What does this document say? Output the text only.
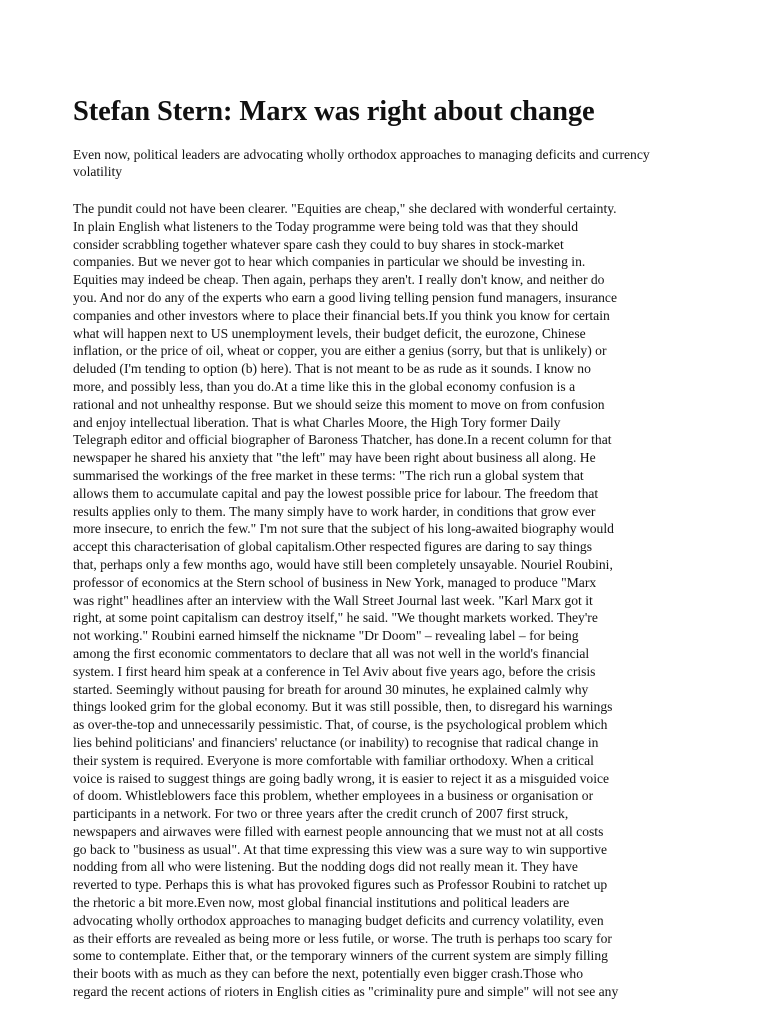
Stefan Stern: Marx was right about change

Even now, political leaders are advocating wholly orthodox approaches to managing deficits and currency volatility

The pundit could not have been clearer. "Equities are cheap," she declared with wonderful certainty.
In plain English what listeners to the Today programme were being told was that they should
consider scrabbling together whatever spare cash they could to buy shares in stock-market
companies. But we never got to hear which companies in particular we should be investing in.
Equities may indeed be cheap. Then again, perhaps they aren't. I really don't know, and neither do
you. And nor do any of the experts who earn a good living telling pension fund managers, insurance
companies and other investors where to place their financial bets.If you think you know for certain
what will happen next to US unemployment levels, their budget deficit, the eurozone, Chinese
inflation, or the price of oil, wheat or copper, you are either a genius (sorry, but that is unlikely) or
deluded (I'm tending to option (b) here). That is not meant to be as rude as it sounds. I know no
more, and possibly less, than you do.At a time like this in the global economy confusion is a
rational and not unhealthy response. But we should seize this moment to move on from confusion
and enjoy intellectual liberation. That is what Charles Moore, the High Tory former Daily
Telegraph editor and official biographer of Baroness Thatcher, has done.In a recent column for that
newspaper he shared his anxiety that "the left" may have been right about business all along. He
summarised the workings of the free market in these terms: "The rich run a global system that
allows them to accumulate capital and pay the lowest possible price for labour. The freedom that
results applies only to them. The many simply have to work harder, in conditions that grow ever
more insecure, to enrich the few." I'm not sure that the subject of his long-awaited biography would
accept this characterisation of global capitalism.Other respected figures are daring to say things
that, perhaps only a few months ago, would have still been completely unsayable. Nouriel Roubini,
professor of economics at the Stern school of business in New York, managed to produce "Marx
was right" headlines after an interview with the Wall Street Journal last week. "Karl Marx got it
right, at some point capitalism can destroy itself," he said. "We thought markets worked. They're
not working." Roubini earned himself the nickname "Dr Doom" – revealing label – for being
among the first economic commentators to declare that all was not well in the world's financial
system. I first heard him speak at a conference in Tel Aviv about five years ago, before the crisis
started. Seemingly without pausing for breath for around 30 minutes, he explained calmly why
things looked grim for the global economy. But it was still possible, then, to disregard his warnings
as over-the-top and unnecessarily pessimistic. That, of course, is the psychological problem which
lies behind politicians' and financiers' reluctance (or inability) to recognise that radical change in
their system is required. Everyone is more comfortable with familiar orthodoxy. When a critical
voice is raised to suggest things are going badly wrong, it is easier to reject it as a misguided voice
of doom. Whistleblowers face this problem, whether employees in a business or organisation or
participants in a network. For two or three years after the credit crunch of 2007 first struck,
newspapers and airwaves were filled with earnest people announcing that we must not at all costs
go back to "business as usual". At that time expressing this view was a sure way to win supportive
nodding from all who were listening. But the nodding dogs did not really mean it. They have
reverted to type. Perhaps this is what has provoked figures such as Professor Roubini to ratchet up
the rhetoric a bit more.Even now, most global financial institutions and political leaders are
advocating wholly orthodox approaches to managing budget deficits and currency volatility, even
as their efforts are revealed as being more or less futile, or worse. The truth is perhaps too scary for
some to contemplate. Either that, or the temporary winners of the current system are simply filling
their boots with as much as they can before the next, potentially even bigger crash.Those who
regard the recent actions of rioters in English cities as "criminality pure and simple" will not see any
